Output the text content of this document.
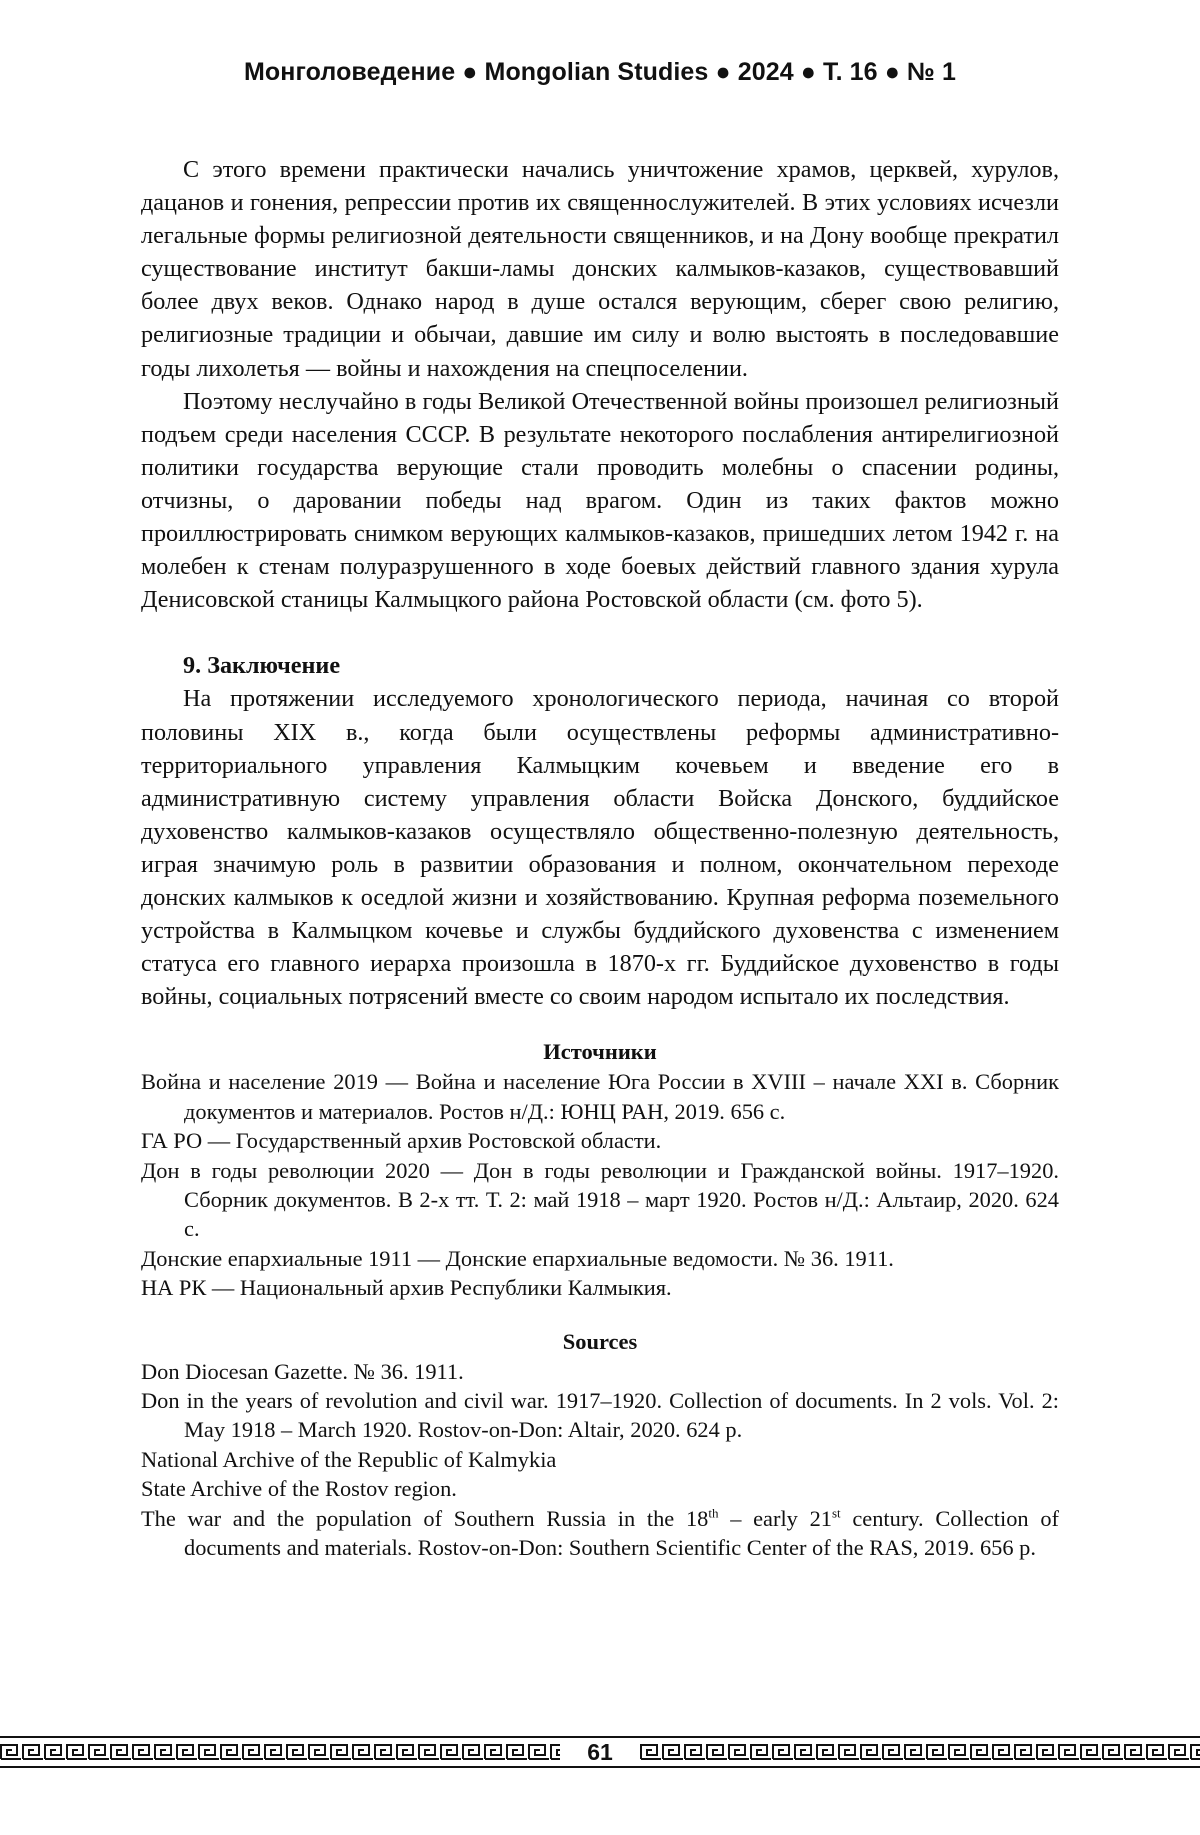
Монголоведение ● Mongolian Studies ● 2024 ● Т. 16 ● № 1

С этого времени практически начались уничтожение храмов, церквей, хурулов, дацанов и гонения, репрессии против их священнослужителей. В этих условиях исчезли легальные формы религиозной деятельности священников, и на Дону вообще прекратил существование институт бакши-ламы донских калмыков-казаков, существовавший более двух веков. Однако народ в душе остался верующим, сберег свою религию, религиозные традиции и обычаи, давшие им силу и волю выстоять в последовавшие годы лихолетья — войны и нахождения на спецпоселении.

Поэтому неслучайно в годы Великой Отечественной войны произошел религиозный подъем среди населения СССР. В результате некоторого послабления антирелигиозной политики государства верующие стали проводить молебны о спасении родины, отчизны, о даровании победы над врагом. Один из таких фактов можно проиллюстрировать снимком верующих калмыков-казаков, пришедших летом 1942 г. на молебен к стенам полуразрушенного в ходе боевых действий главного здания хурула Денисовской станицы Калмыцкого района Ростовской области (см. фото 5).

9. Заключение

На протяжении исследуемого хронологического периода, начиная со второй половины XIX в., когда были осуществлены реформы административно-территориального управления Калмыцким кочевьем и введение его в административную систему управления области Войска Донского, буддийское духовенство калмыков-казаков осуществляло общественно-полезную деятельность, играя значимую роль в развитии образования и полном, окончательном переходе донских калмыков к оседлой жизни и хозяйствованию. Крупная реформа поземельного устройства в Калмыцком кочевье и службы буддийского духовенства с изменением статуса его главного иерарха произошла в 1870-х гг. Буддийское духовенство в годы войны, социальных потрясений вместе со своим народом испытало их последствия.

Источники
Война и население 2019 — Война и население Юга России в XVIII – начале XXI в. Сборник документов и материалов. Ростов н/Д.: ЮНЦ РАН, 2019. 656 с.
ГА РО — Государственный архив Ростовской области.
Дон в годы революции 2020 — Дон в годы революции и Гражданской войны. 1917–1920. Сборник документов. В 2-х тт. Т. 2: май 1918 – март 1920. Ростов н/Д.: Альтаир, 2020. 624 с.
Донские епархиальные 1911 — Донские епархиальные ведомости. № 36. 1911.
НА РК — Национальный архив Республики Калмыкия.
Sources
Don Diocesan Gazette. № 36. 1911.
Don in the years of revolution and civil war. 1917–1920. Collection of documents. In 2 vols. Vol. 2: May 1918 – March 1920. Rostov-on-Don: Altair, 2020. 624 p.
National Archive of the Republic of Kalmykia
State Archive of the Rostov region.
The war and the population of Southern Russia in the 18th – early 21st century. Collection of documents and materials. Rostov-on-Don: Southern Scientific Center of the RAS, 2019. 656 p.
61
